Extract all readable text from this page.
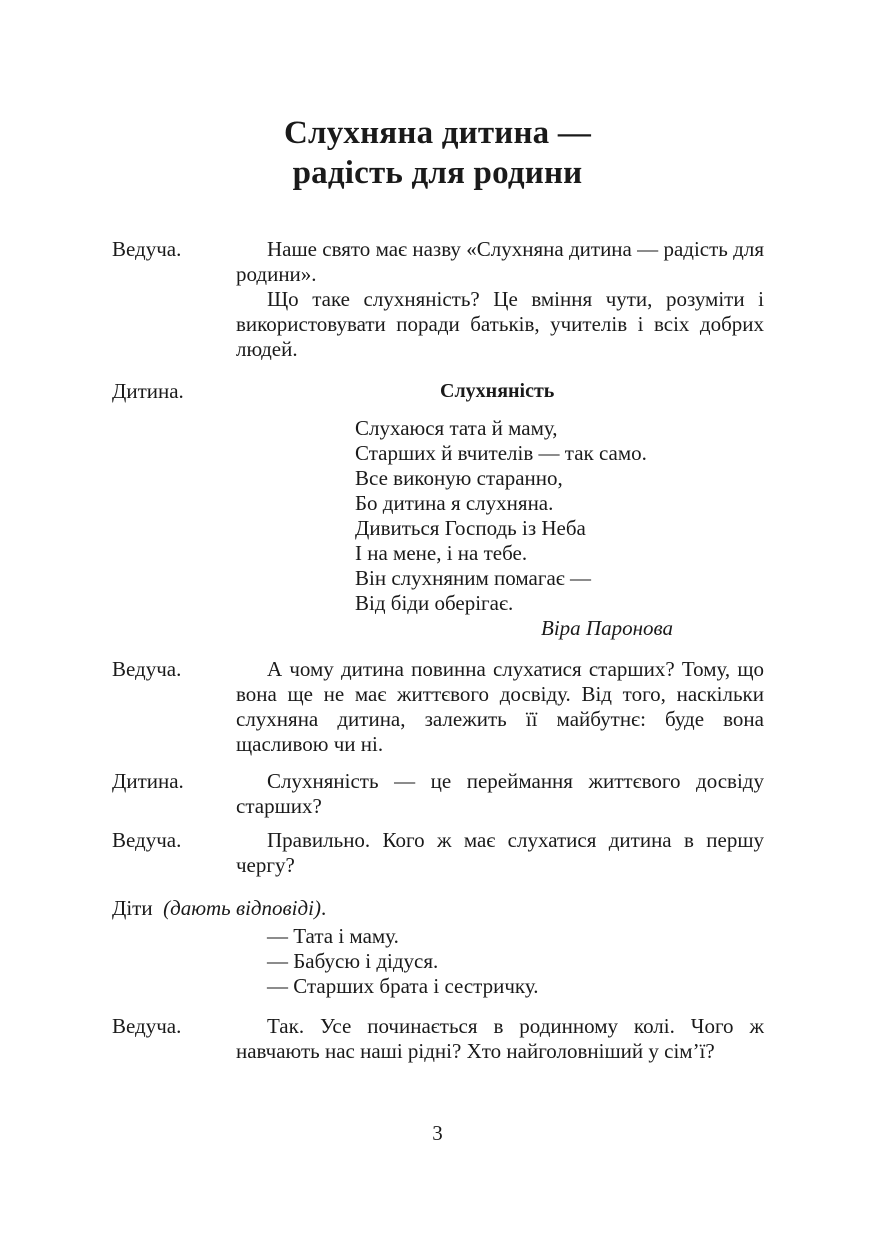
Слухняна дитина —
радість для родини
Ведуча.	Наше свято має назву «Слухняна дитина — радість для родини».
Що таке слухняність? Це вміння чути, розуміти і використовувати поради батьків, учителів і всіх добрих людей.
Дитина.	Слухняність
Слухаюся тата й маму,
Старших й вчителів — так само.
Все виконую старанно,
Бо дитина я слухняна.
Дивиться Господь із Неба
І на мене, і на тебе.
Він слухняним помагає —
Від біди оберігає.
Віра Паронова
Ведуча.	А чому дитина повинна слухатися старших? Тому, що вона ще не має життєвого досвіду. Від того, наскільки слухняна дитина, залежить її майбутнє: буде вона щасливою чи ні.
Дитина.	Слухняність — це переймання життєвого досвіду старших?
Ведуча.	Правильно. Кого ж має слухатися дитина в першу чергу?
Діти (дають відповіді).
— Тата і маму.
— Бабусю і дідуся.
— Старших брата і сестричку.
Ведуча.	Так. Усе починається в родинному колі. Чого ж навчають нас наші рідні? Хто найголовніший у сім’ї?
3
